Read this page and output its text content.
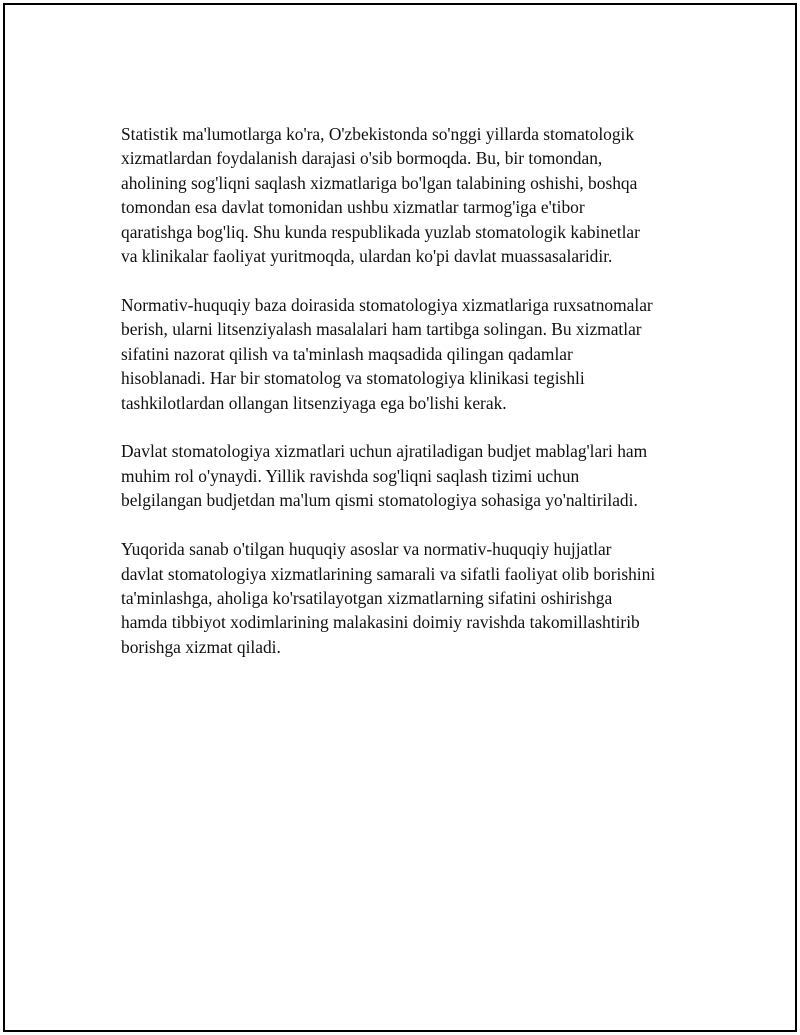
Statistik ma'lumotlarga ko'ra, O'zbekistonda so'nggi yillarda stomatologik
xizmatlardan foydalanish darajasi o'sib bormoqda. Bu, bir tomondan,
aholining sog'liqni saqlash xizmatlariga bo'lgan talabining oshishi, boshqa
tomondan esa davlat tomonidan ushbu xizmatlar tarmog'iga e'tibor
qaratishga bog'liq. Shu kunda respublikada yuzlab stomatologik kabinetlar
va klinikalar faoliyat yuritmoqda, ulardan ko'pi davlat muassasalaridir.

Normativ-huquqiy baza doirasida stomatologiya xizmatlariga ruxsatnomalar
berish, ularni litsenziyalash masalalari ham tartibga solingan. Bu xizmatlar
sifatini nazorat qilish va ta'minlash maqsadida qilingan qadamlar
hisoblanadi. Har bir stomatolog va stomatologiya klinikasi tegishli
tashkilotlardan ollangan litsenziyaga ega bo'lishi kerak.

Davlat stomatologiya xizmatlari uchun ajratiladigan budjet mablag'lari ham
muhim rol o'ynaydi. Yillik ravishda sog'liqni saqlash tizimi uchun
belgilangan budjetdan ma'lum qismi stomatologiya sohasiga yo'naltiriladi.

Yuqorida sanab o'tilgan huquqiy asoslar va normativ-huquqiy hujjatlar
davlat stomatologiya xizmatlarining samarali va sifatli faoliyat olib borishini
ta'minlashga, aholiga ko'rsatilayotgan xizmatlarning sifatini oshirishga
hamda tibbiyot xodimlarining malakasini doimiy ravishda takomillashtirib
borishga xizmat qiladi.
